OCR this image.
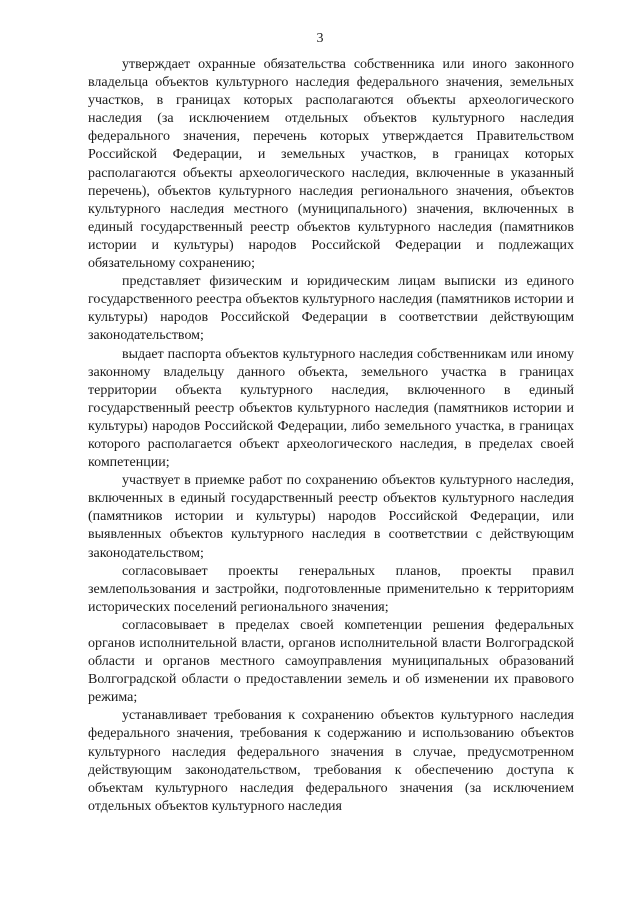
3

утверждает охранные обязательства собственника или иного законного владельца объектов культурного наследия федерального значения, земельных участков, в границах которых располагаются объекты археологического наследия (за исключением отдельных объектов культурного наследия федерального значения, перечень которых утверждается Правительством Российской Федерации, и земельных участков, в границах которых располагаются объекты археологического наследия, включенные в указанный перечень), объектов культурного наследия регионального значения, объектов культурного наследия местного (муниципального) значения, включенных в единый государственный реестр объектов культурного наследия (памятников истории и культуры) народов Российской Федерации и подлежащих обязательному сохранению;

представляет физическим и юридическим лицам выписки из единого государственного реестра объектов культурного наследия (памятников истории и культуры) народов Российской Федерации в соответствии действующим законодательством;

выдает паспорта объектов культурного наследия собственникам или иному законному владельцу данного объекта, земельного участка в границах территории объекта культурного наследия, включенного в единый государственный реестр объектов культурного наследия (памятников истории и культуры) народов Российской Федерации, либо земельного участка, в границах которого располагается объект археологического наследия, в пределах своей компетенции;

участвует в приемке работ по сохранению объектов культурного наследия, включенных в единый государственный реестр объектов культурного наследия (памятников истории и культуры) народов Российской Федерации, или выявленных объектов культурного наследия в соответствии с действующим законодательством;

согласовывает проекты генеральных планов, проекты правил землепользования и застройки, подготовленные применительно к территориям исторических поселений регионального значения;

согласовывает в пределах своей компетенции решения федеральных органов исполнительной власти, органов исполнительной власти Волгоградской области и органов местного самоуправления муниципальных образований Волгоградской области о предоставлении земель и об изменении их правового режима;

устанавливает требования к сохранению объектов культурного наследия федерального значения, требования к содержанию и использованию объектов культурного наследия федерального значения в случае, предусмотренном действующим законодательством, требования к обеспечению доступа к объектам культурного наследия федерального значения (за исключением отдельных объектов культурного наследия
